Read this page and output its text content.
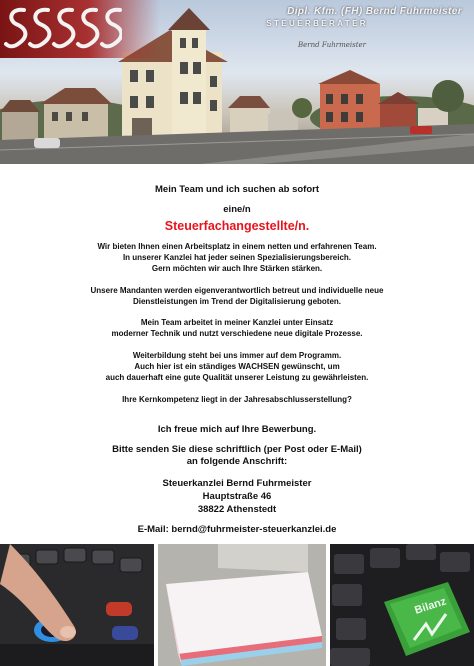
Dipl. Kfm. (FH) Bernd Fuhrmeister
STEUERBERATER
Bernd Fuhrmeister

Mein Team und ich suchen ab sofort

eine/n

Steuerfachangestellte/n.

Wir bieten Ihnen einen Arbeitsplatz in einem netten und erfahrenen Team.

In unserer Kanzlei hat jeder seinen Spezialisierungsbereich.

Gern möchten wir auch Ihre Stärken stärken.

Unsere Mandanten werden eigenverantwortlich betreut und individuelle neue

Dienstleistungen im Trend der Digitalisierung geboten.

Mein Team arbeitet in meiner Kanzlei unter Einsatz

moderner Technik und nutzt verschiedene neue digitale Prozesse.

Weiterbildung steht bei uns immer auf dem Programm.

Auch hier ist ein ständiges WACHSEN gewünscht, um

auch dauerhaft eine gute Qualität unserer Leistung zu gewährleisten.

Ihre Kernkompetenz liegt in der Jahresabschlusserstellung?

Ich freue mich auf Ihre Bewerbung.

Bitte senden Sie diese schriftlich (per Post oder E-Mail)

an folgende Anschrift:

Steuerkanzlei Bernd Fuhrmeister

Hauptstraße 46

38822 Athenstedt

E-Mail: bernd@fuhrmeister-steuerkanzlei.de

Bilanz
